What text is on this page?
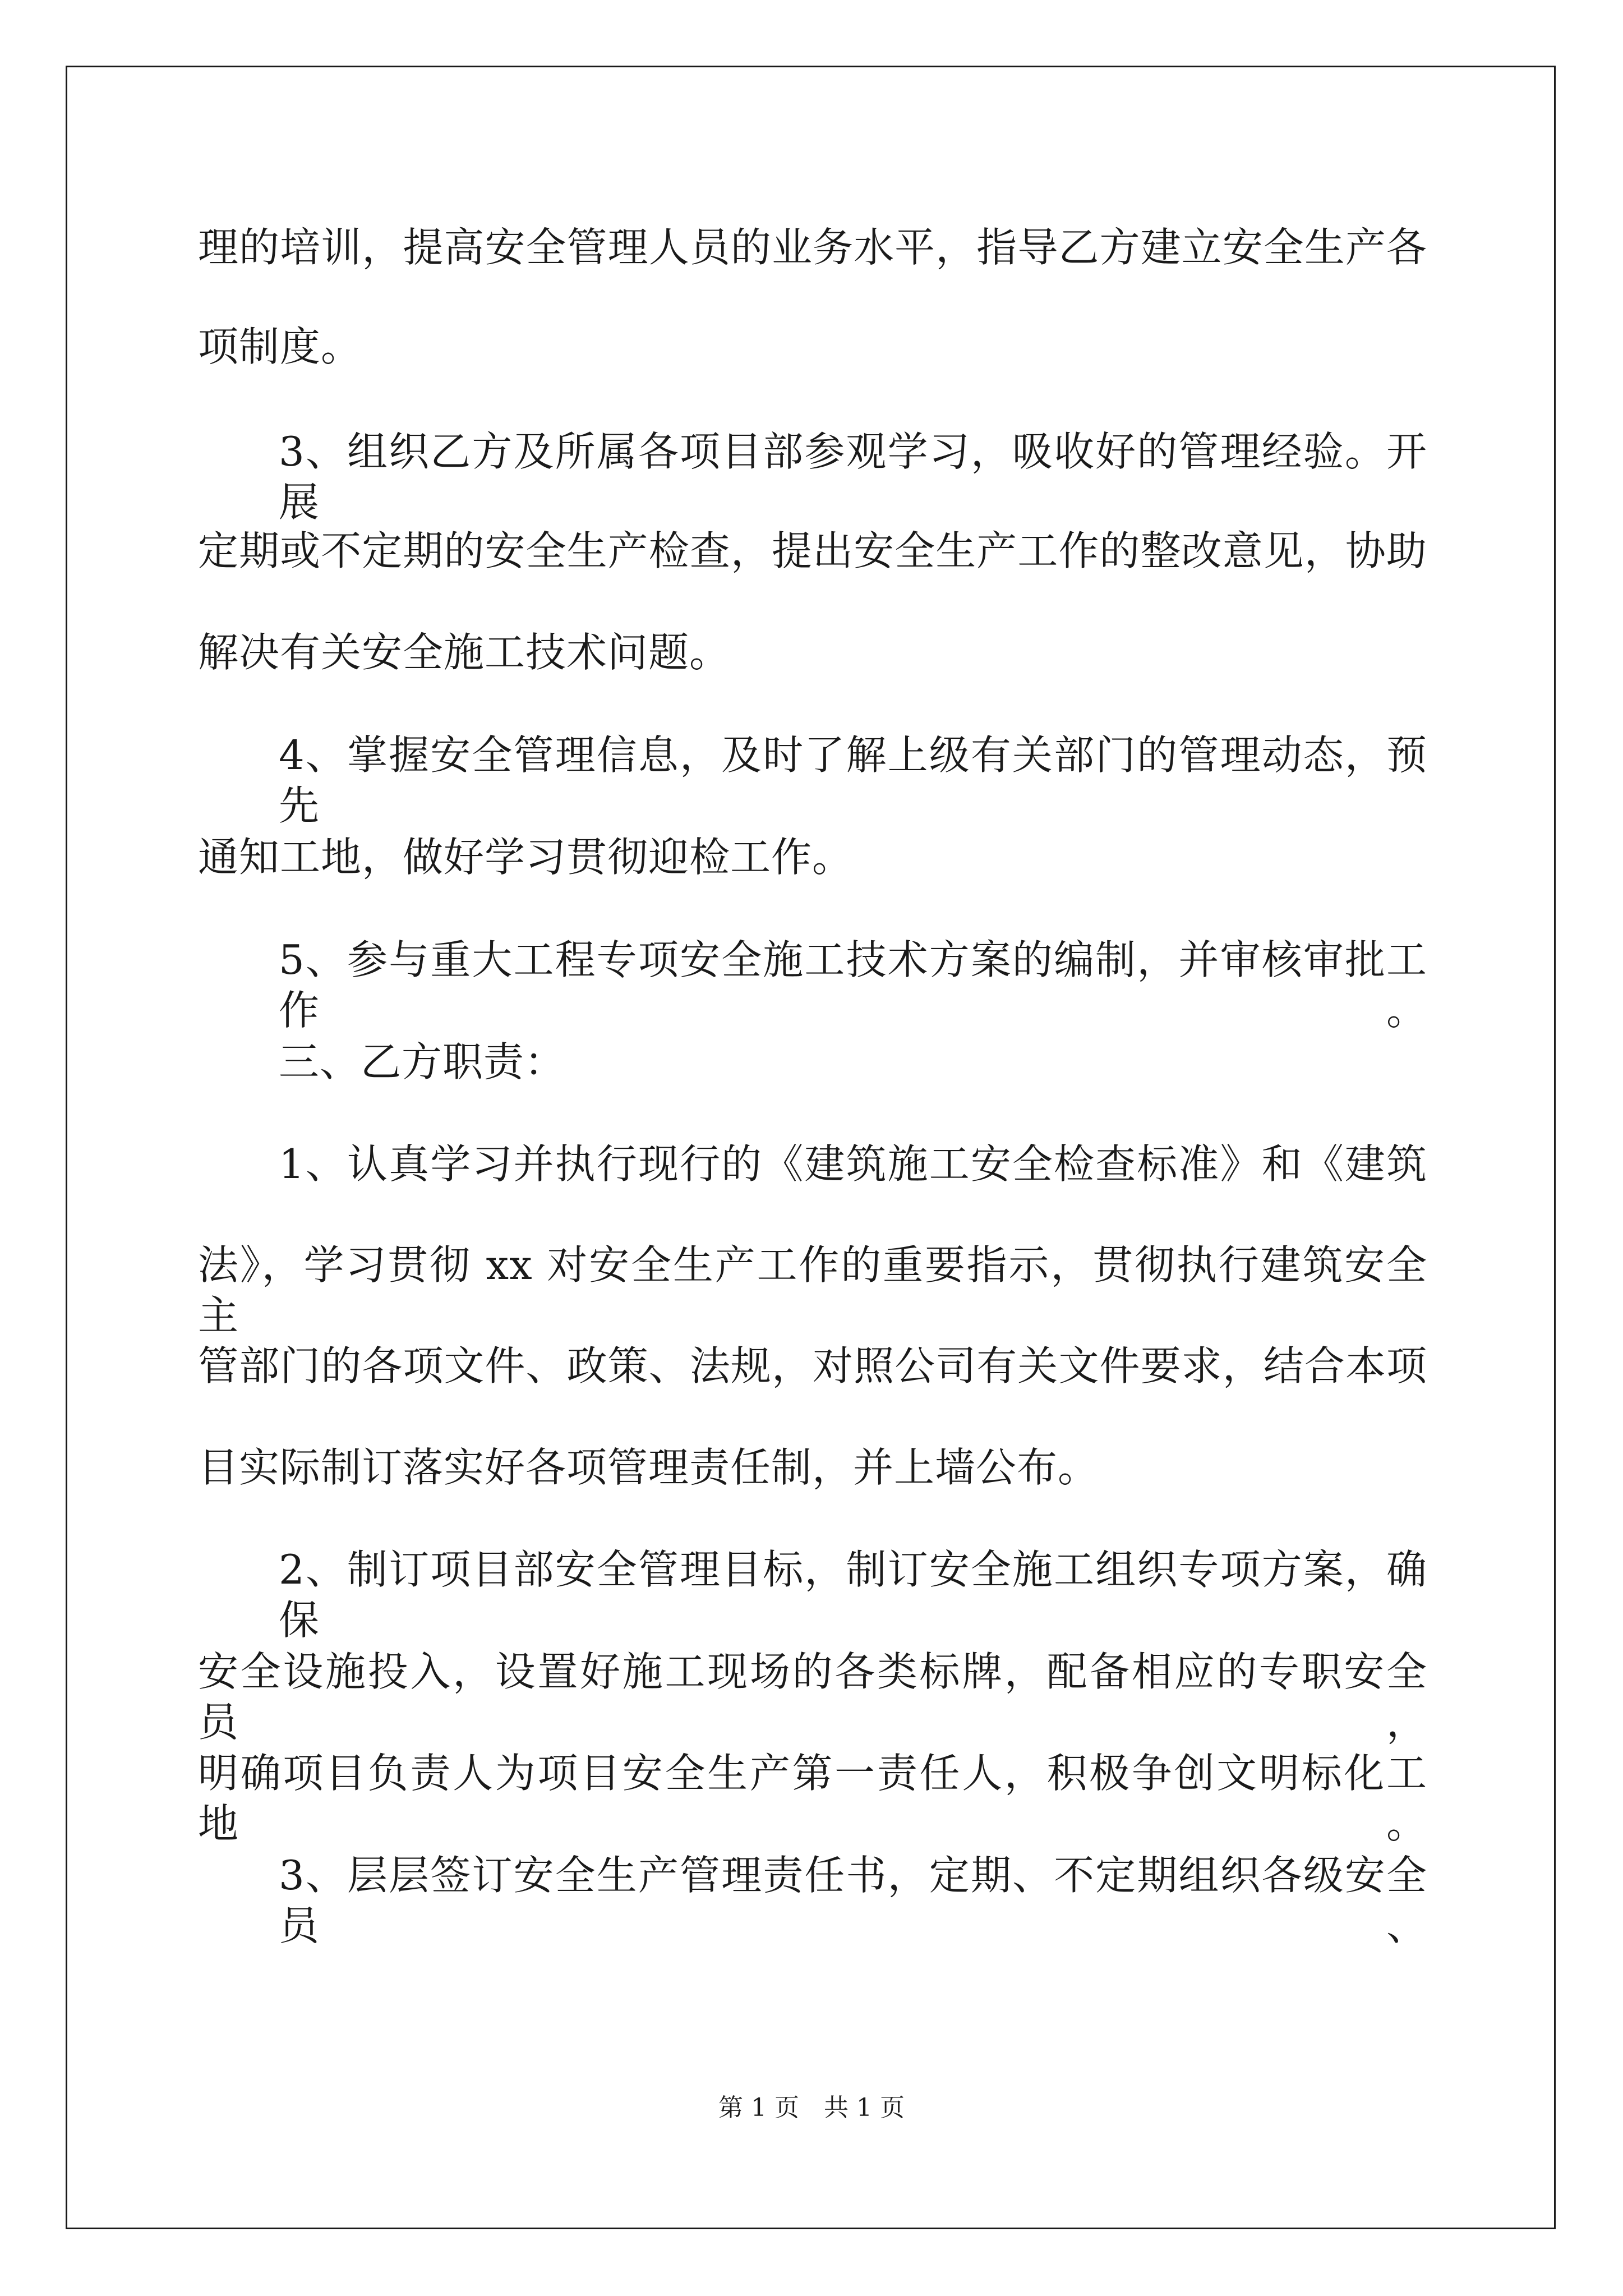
理的培训，提高安全管理人员的业务水平，指导乙方建立安全生产各
项制度。
3、组织乙方及所属各项目部参观学习，吸收好的管理经验。开展
定期或不定期的安全生产检查，提出安全生产工作的整改意见，协助
解决有关安全施工技术问题。
4、掌握安全管理信息，及时了解上级有关部门的管理动态，预先
通知工地，做好学习贯彻迎检工作。
5、参与重大工程专项安全施工技术方案的编制，并审核审批工作。
三、乙方职责：
1、认真学习并执行现行的《建筑施工安全检查标准》和《建筑
法》，学习贯彻 xx 对安全生产工作的重要指示，贯彻执行建筑安全主
管部门的各项文件、政策、法规，对照公司有关文件要求，结合本项
目实际制订落实好各项管理责任制，并上墙公布。
2、制订项目部安全管理目标，制订安全施工组织专项方案，确保
安全设施投入，设置好施工现场的各类标牌，配备相应的专职安全员，
明确项目负责人为项目安全生产第一责任人，积极争创文明标化工地。
3、层层签订安全生产管理责任书，定期、不定期组织各级安全员、
第 1 页　共 1 页
